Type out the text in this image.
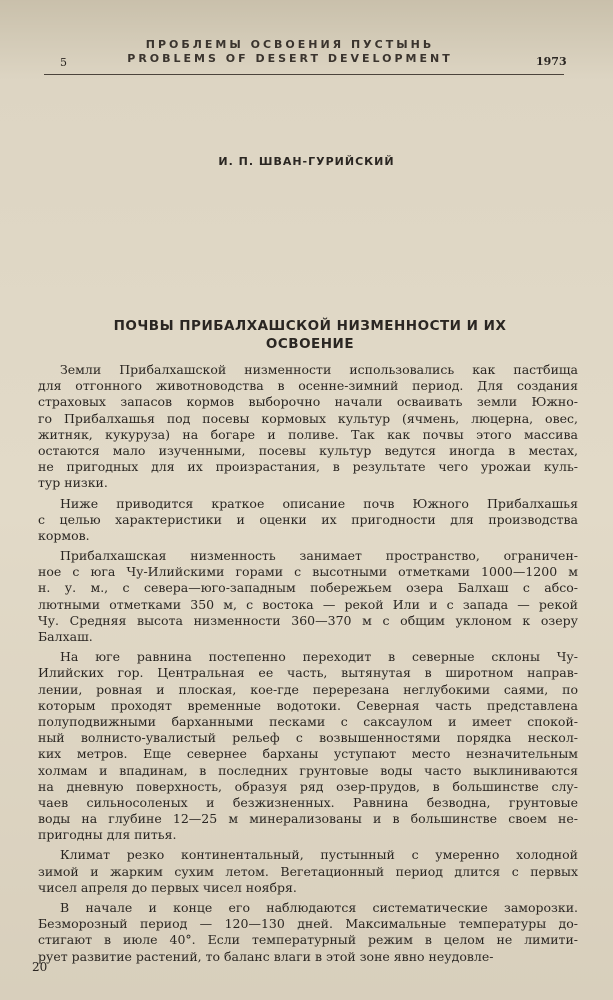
5
ПРОБЛЕМЫ ОСВОЕНИЯ ПУСТЫНЬ
PROBLEMS OF DESERT DEVELOPMENT	1973
И. П. ШВАН-ГУРИЙСКИЙ
ПОЧВЫ ПРИБАЛХАШСКОЙ НИЗМЕННОСТИ И ИХ
ОСВОЕНИЕ
Земли Прибалхашской низменности использовались как пастбища
для отгонного животноводства в осенне-зимний период. Для создания
страховых запасов кормов выборочно начали осваивать земли Южно-
го Прибалхашья под посевы кормовых культур (ячмень, люцерна, овес,
житняк, кукуруза) на богаре и поливе. Так как почвы этого массива
остаются мало изученными, посевы культур ведутся иногда в местах,
не пригодных для их произрастания, в результате чего урожаи куль-
тур низки.
Ниже приводится краткое описание почв Южного Прибалхашья
с целью характеристики и оценки их пригодности для производства
кормов.
Прибалхашская низменность занимает пространство, ограничен-
ное с юга Чу-Илийскими горами с высотными отметками 1000—1200 м
н. у. м., с севера—юго-западным побережьем озера Балхаш с абсо-
лютными отметками 350 м, с востока — рекой Или и с запада — рекой
Чу. Средняя высота низменности 360—370 м с общим уклоном к озеру
Балхаш.
На юге равнина постепенно переходит в северные склоны Чу-
Илийских гор. Центральная ее часть, вытянутая в широтном направ-
лении, ровная и плоская, кое-где перерезана неглубокими саями, по
которым проходят временные водотоки. Северная часть представлена
полуподвижными барханными песками с саксаулом и имеет спокой-
ный волнисто-увалистый рельеф с возвышенностями порядка нескол-
ких метров. Еще севернее барханы уступают место незначительным
холмам и впадинам, в последних грунтовые воды часто выклиниваются
на дневную поверхность, образуя ряд озер-прудов, в большинстве слу-
чаев сильносоленых и безжизненных. Равнина безводна, грунтовые
воды на глубине 12—25 м минерализованы и в большинстве своем не-
пригодны для питья.
Климат резко континентальный, пустынный с умеренно холодной
зимой и жарким сухим летом. Вегетационный период длится с первых
чисел апреля до первых чисел ноября.
В начале и конце его наблюдаются систематические заморозки.
Безморозный период — 120—130 дней. Максимальные температуры до-
стигают в июле 40°. Если температурный режим в целом не лимити-
рует развитие растений, то баланс влаги в этой зоне явно неудовле-
20
